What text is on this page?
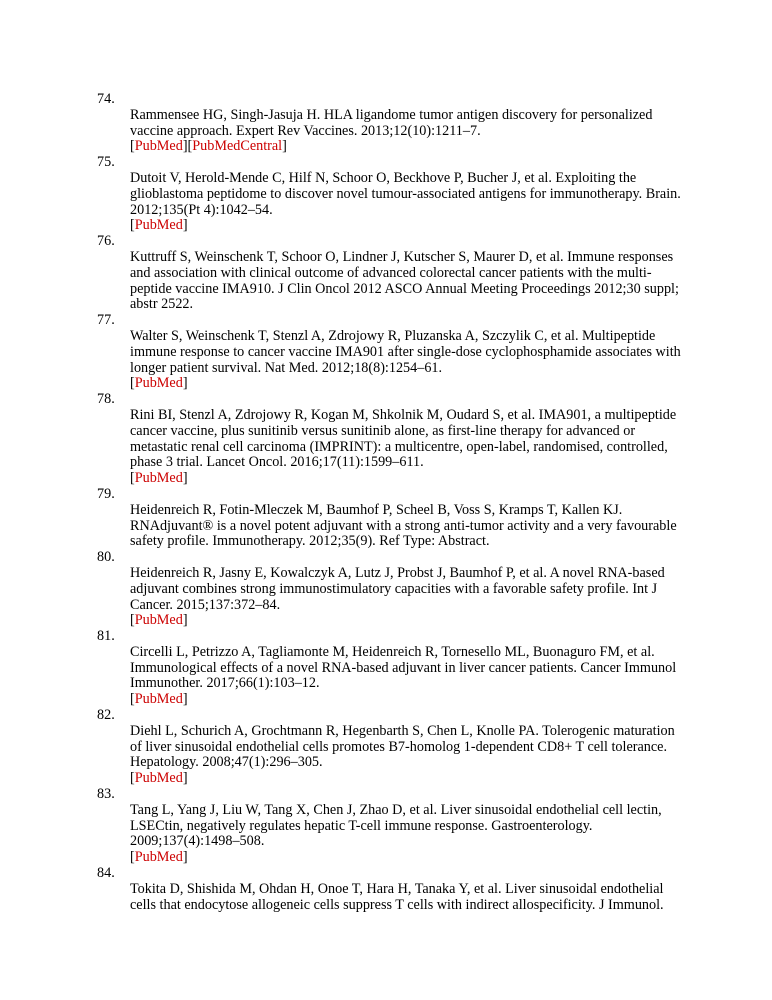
74.
Rammensee HG, Singh-Jasuja H. HLA ligandome tumor antigen discovery for personalized vaccine approach. Expert Rev Vaccines. 2013;12(10):1211–7.
[PubMed][PubMedCentral]
75.
Dutoit V, Herold-Mende C, Hilf N, Schoor O, Beckhove P, Bucher J, et al. Exploiting the glioblastoma peptidome to discover novel tumour-associated antigens for immunotherapy. Brain. 2012;135(Pt 4):1042–54.
[PubMed]
76.
Kuttruff S, Weinschenk T, Schoor O, Lindner J, Kutscher S, Maurer D, et al. Immune responses and association with clinical outcome of advanced colorectal cancer patients with the multi-peptide vaccine IMA910. J Clin Oncol 2012 ASCO Annual Meeting Proceedings 2012;30 suppl; abstr 2522.
77.
Walter S, Weinschenk T, Stenzl A, Zdrojowy R, Pluzanska A, Szczylik C, et al. Multipeptide immune response to cancer vaccine IMA901 after single-dose cyclophosphamide associates with longer patient survival. Nat Med. 2012;18(8):1254–61.
[PubMed]
78.
Rini BI, Stenzl A, Zdrojowy R, Kogan M, Shkolnik M, Oudard S, et al. IMA901, a multipeptide cancer vaccine, plus sunitinib versus sunitinib alone, as first-line therapy for advanced or metastatic renal cell carcinoma (IMPRINT): a multicentre, open-label, randomised, controlled, phase 3 trial. Lancet Oncol. 2016;17(11):1599–611.
[PubMed]
79.
Heidenreich R, Fotin-Mleczek M, Baumhof P, Scheel B, Voss S, Kramps T, Kallen KJ. RNAdjuvant® is a novel potent adjuvant with a strong anti-tumor activity and a very favourable safety profile. Immunotherapy. 2012;35(9). Ref Type: Abstract.
80.
Heidenreich R, Jasny E, Kowalczyk A, Lutz J, Probst J, Baumhof P, et al. A novel RNA-based adjuvant combines strong immunostimulatory capacities with a favorable safety profile. Int J Cancer. 2015;137:372–84.
[PubMed]
81.
Circelli L, Petrizzo A, Tagliamonte M, Heidenreich R, Tornesello ML, Buonaguro FM, et al. Immunological effects of a novel RNA-based adjuvant in liver cancer patients. Cancer Immunol Immunother. 2017;66(1):103–12.
[PubMed]
82.
Diehl L, Schurich A, Grochtmann R, Hegenbarth S, Chen L, Knolle PA. Tolerogenic maturation of liver sinusoidal endothelial cells promotes B7-homolog 1-dependent CD8+ T cell tolerance. Hepatology. 2008;47(1):296–305.
[PubMed]
83.
Tang L, Yang J, Liu W, Tang X, Chen J, Zhao D, et al. Liver sinusoidal endothelial cell lectin, LSECtin, negatively regulates hepatic T-cell immune response. Gastroenterology. 2009;137(4):1498–508.
[PubMed]
84.
Tokita D, Shishida M, Ohdan H, Onoe T, Hara H, Tanaka Y, et al. Liver sinusoidal endothelial cells that endocytose allogeneic cells suppress T cells with indirect allospecificity. J Immunol.
